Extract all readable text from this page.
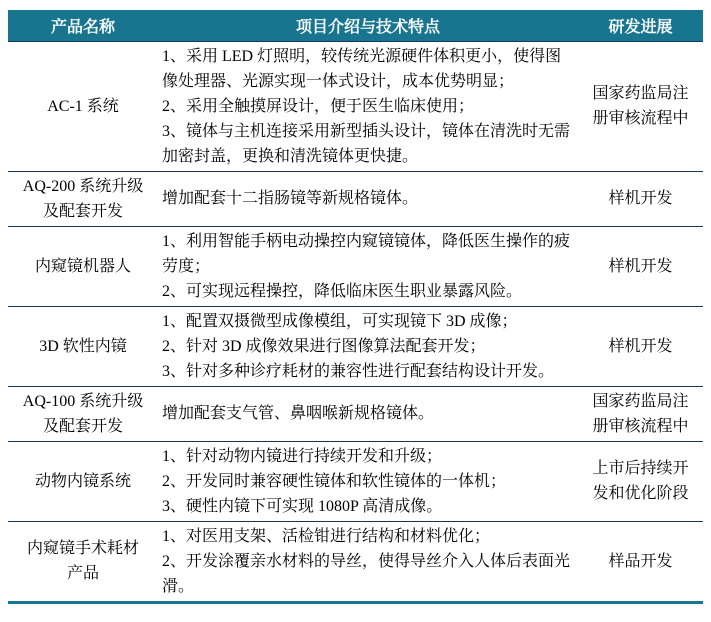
产品名称	项目介绍与技术特点	研发进展
AC-1 系统	1、采用 LED 灯照明，较传统光源硬件体积更小，使得图像处理器、光源实现一体式设计，成本优势明显；
2、采用全触摸屏设计，便于医生临床使用；
3、镜体与主机连接采用新型插头设计，镜体在清洗时无需加密封盖，更换和清洗镜体更快捷。	国家药监局注册审核流程中
AQ-200 系统升级及配套开发	增加配套十二指肠镜等新规格镜体。	样机开发
内窥镜机器人	1、利用智能手柄电动操控内窥镜镜体，降低医生操作的疲劳度；
2、可实现远程操控，降低临床医生职业暴露风险。	样机开发
3D 软性内镜	1、配置双摄微型成像模组，可实现镜下 3D 成像；
2、针对 3D 成像效果进行图像算法配套开发；
3、针对多种诊疗耗材的兼容性进行配套结构设计开发。	样机开发
AQ-100 系统升级及配套开发	增加配套支气管、鼻咽喉新规格镜体。	国家药监局注册审核流程中
动物内镜系统	1、针对动物内镜进行持续开发和升级；
2、开发同时兼容硬性镜体和软性镜体的一体机；
3、硬性内镜下可实现 1080P 高清成像。	上市后持续开发和优化阶段
内窥镜手术耗材产品	1、对医用支架、活检钳进行结构和材料优化；
2、开发涂覆亲水材料的导丝，使得导丝介入人体后表面光滑。	样品开发
